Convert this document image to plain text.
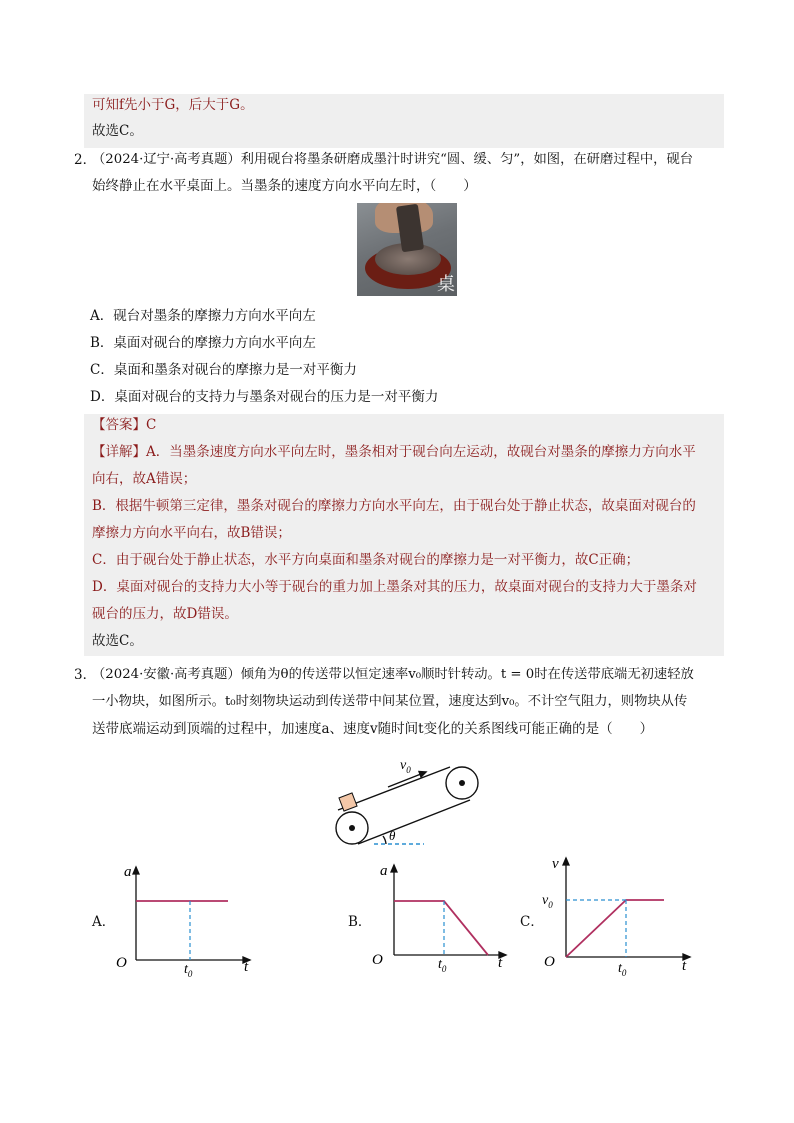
可知f先小于G，后大于G。
故选C。
2．
（2024·辽宁·高考真题）利用砚台将墨条研磨成墨汁时讲究“圆、缓、匀”，如图，在研磨过程中，砚台
始终静止在水平桌面上。当墨条的速度方向水平向左时，（　　）
桌
A．砚台对墨条的摩擦力方向水平向左
B．桌面对砚台的摩擦力方向水平向左
C．桌面和墨条对砚台的摩擦力是一对平衡力
D．桌面对砚台的支持力与墨条对砚台的压力是一对平衡力
【答案】C
【详解】A．当墨条速度方向水平向左时，墨条相对于砚台向左运动，故砚台对墨条的摩擦力方向水平
向右，故A错误；
B．根据牛顿第三定律，墨条对砚台的摩擦力方向水平向左，由于砚台处于静止状态，故桌面对砚台的
摩擦力方向水平向右，故B错误；
C．由于砚台处于静止状态，水平方向桌面和墨条对砚台的摩擦力是一对平衡力，故C正确；
D．桌面对砚台的支持力大小等于砚台的重力加上墨条对其的压力，故桌面对砚台的支持力大于墨条对
砚台的压力，故D错误。
故选C。
3．
（2024·安徽·高考真题）倾角为θ的传送带以恒定速率v₀顺时针转动。t = 0时在传送带底端无初速轻放
一小物块，如图所示。t₀时刻物块运动到传送带中间某位置，速度达到v₀。不计空气阻力，则物块从传
送带底端运动到顶端的过程中，加速度a、速度v随时间t变化的关系图线可能正确的是（　　）
$v_0$
θ
A．
a
O	t
$t_0$
B．
a
O	t
$t_0$
C．
v
$v_0$
O	t
$t_0$
